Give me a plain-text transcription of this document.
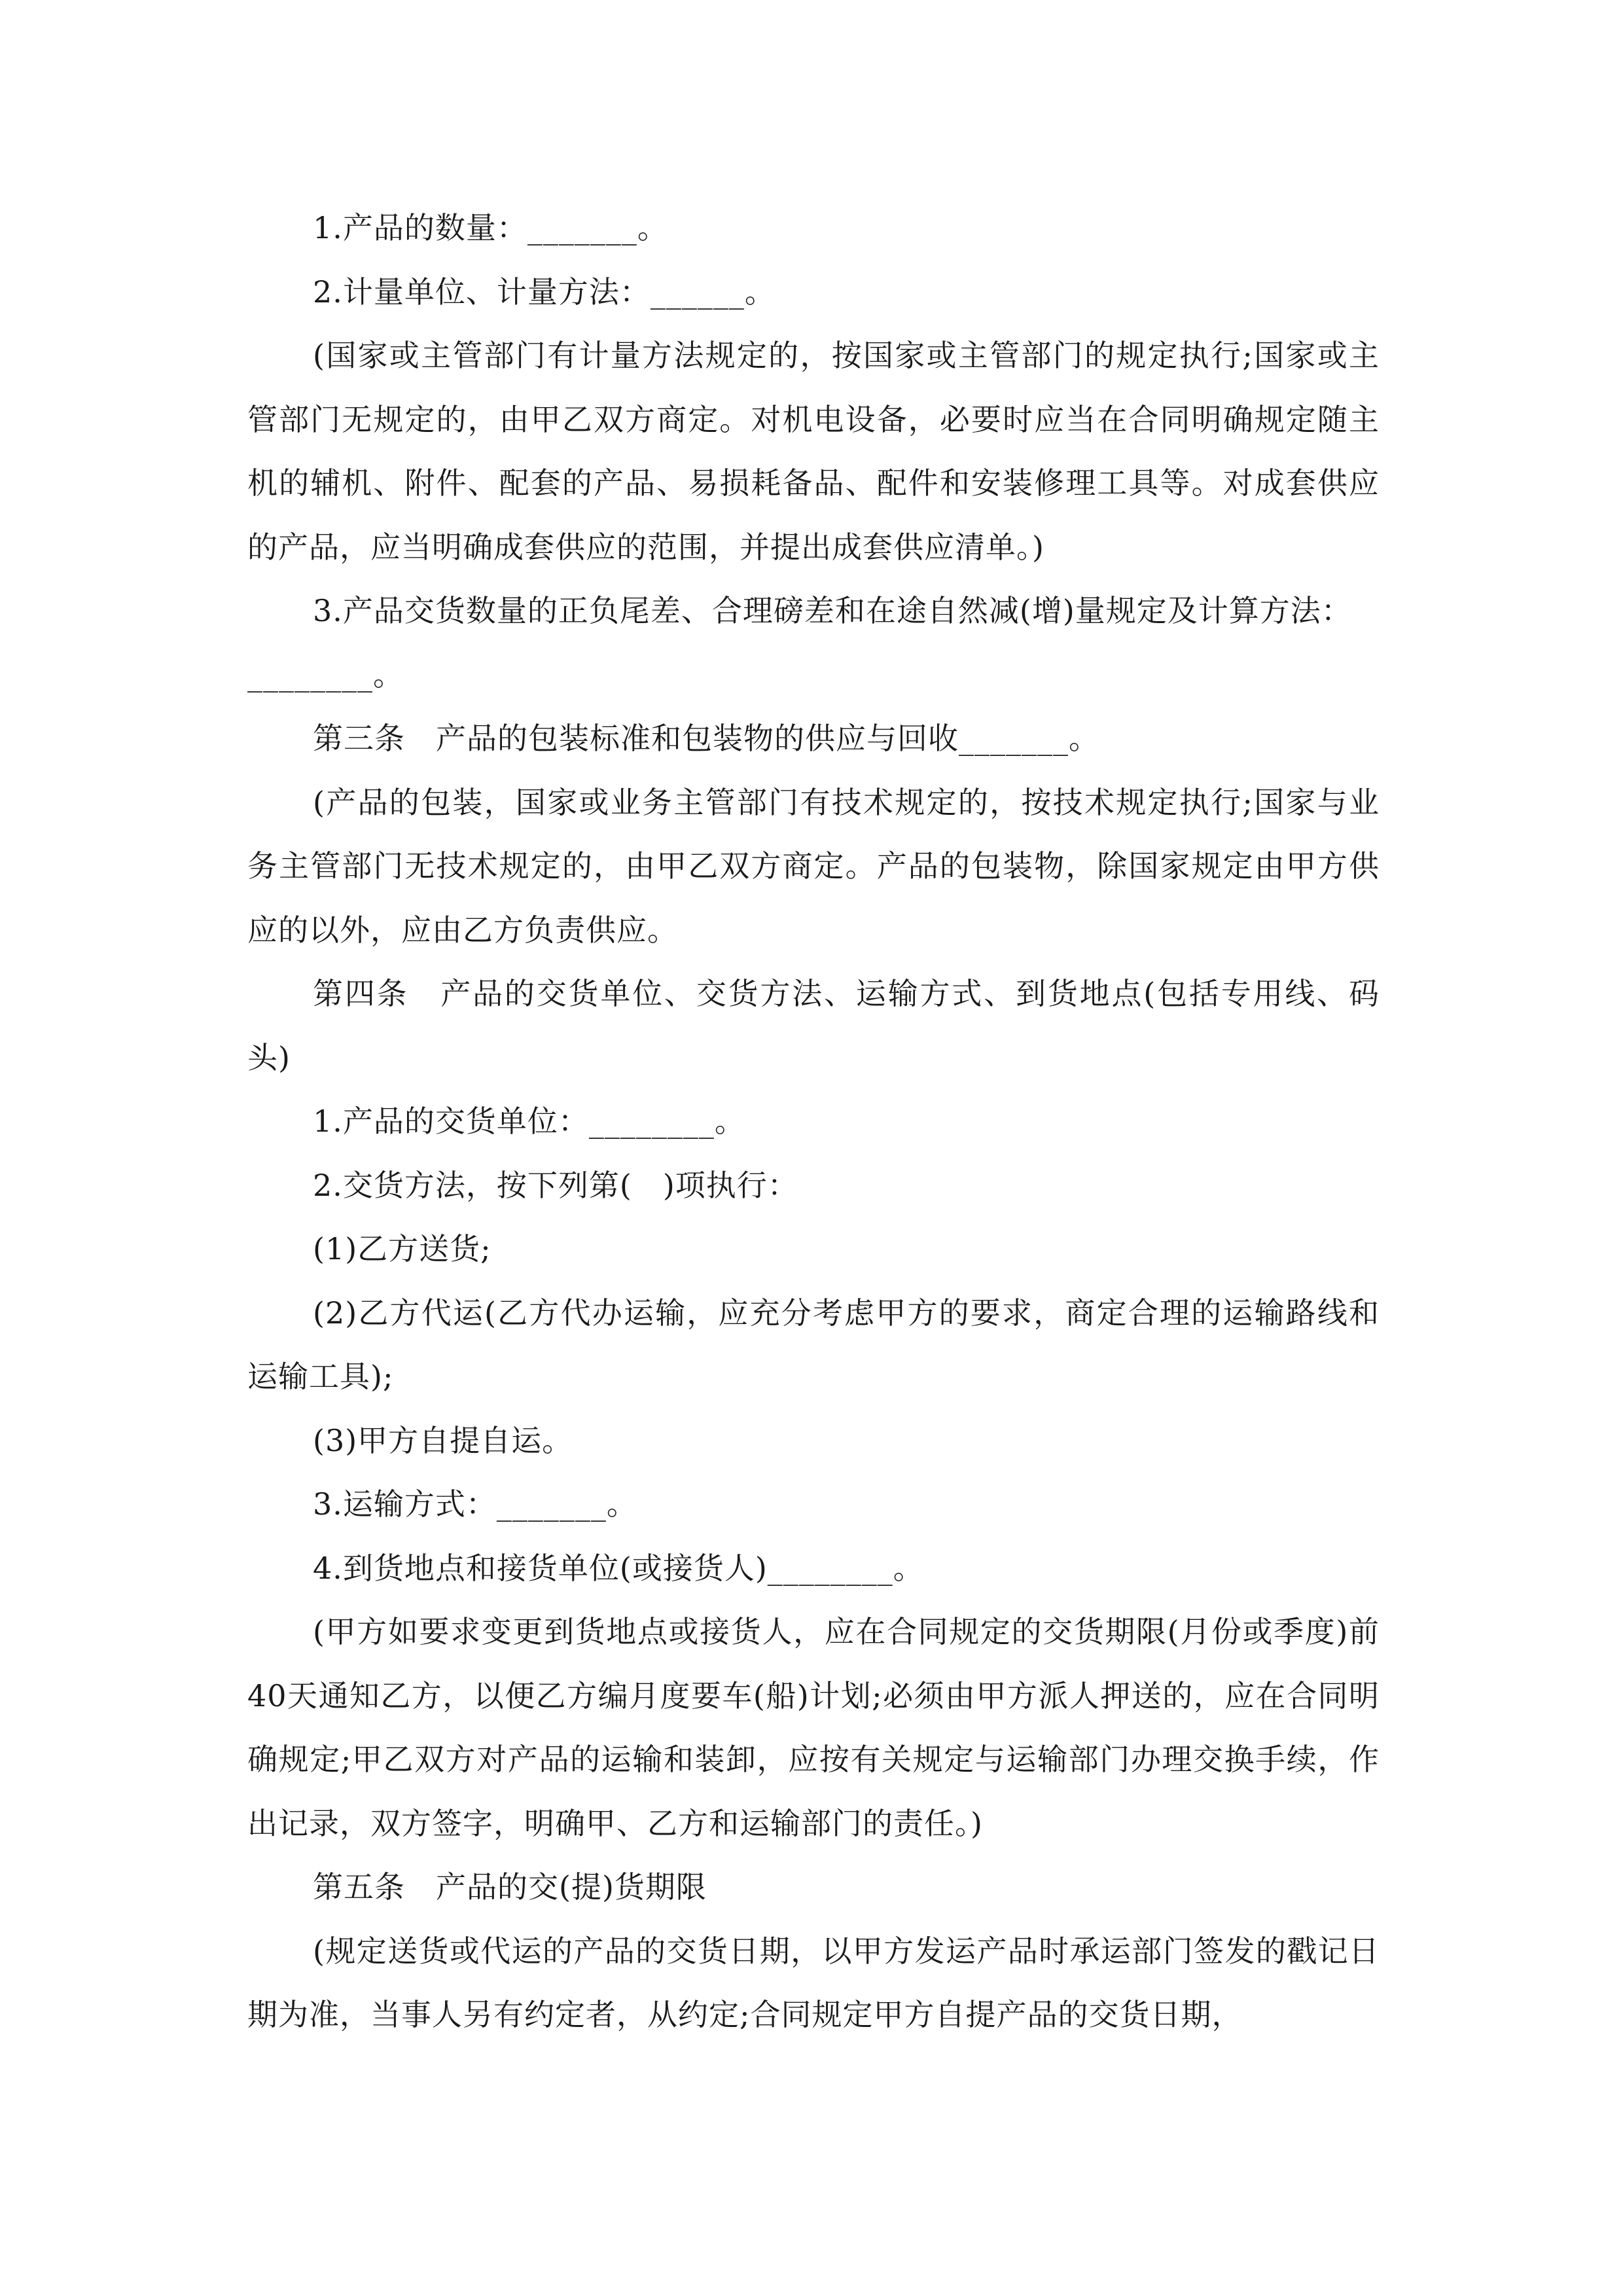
1.产品的数量：_______。

2.计量单位、计量方法：______。

(国家或主管部门有计量方法规定的，按国家或主管部门的规定执行;国家或主管部门无规定的，由甲乙双方商定。对机电设备，必要时应当在合同明确规定随主机的辅机、附件、配套的产品、易损耗备品、配件和安装修理工具等。对成套供应的产品，应当明确成套供应的范围，并提出成套供应清单。)

3.产品交货数量的正负尾差、合理磅差和在途自然减(增)量规定及计算方法：

________。

第三条　产品的包装标准和包装物的供应与回收_______。

(产品的包装，国家或业务主管部门有技术规定的，按技术规定执行;国家与业务主管部门无技术规定的，由甲乙双方商定。产品的包装物，除国家规定由甲方供应的以外，应由乙方负责供应。

第四条　产品的交货单位、交货方法、运输方式、到货地点(包括专用线、码头)

1.产品的交货单位：________。

2.交货方法，按下列第(　)项执行：

(1)乙方送货;

(2)乙方代运(乙方代办运输，应充分考虑甲方的要求，商定合理的运输路线和运输工具);

(3)甲方自提自运。

3.运输方式：_______。

4.到货地点和接货单位(或接货人)________。

(甲方如要求变更到货地点或接货人，应在合同规定的交货期限(月份或季度)前40天通知乙方，以便乙方编月度要车(船)计划;必须由甲方派人押送的，应在合同明确规定;甲乙双方对产品的运输和装卸，应按有关规定与运输部门办理交换手续，作出记录，双方签字，明确甲、乙方和运输部门的责任。)

第五条　产品的交(提)货期限

(规定送货或代运的产品的交货日期，以甲方发运产品时承运部门签发的戳记日期为准，当事人另有约定者，从约定;合同规定甲方自提产品的交货日期，
